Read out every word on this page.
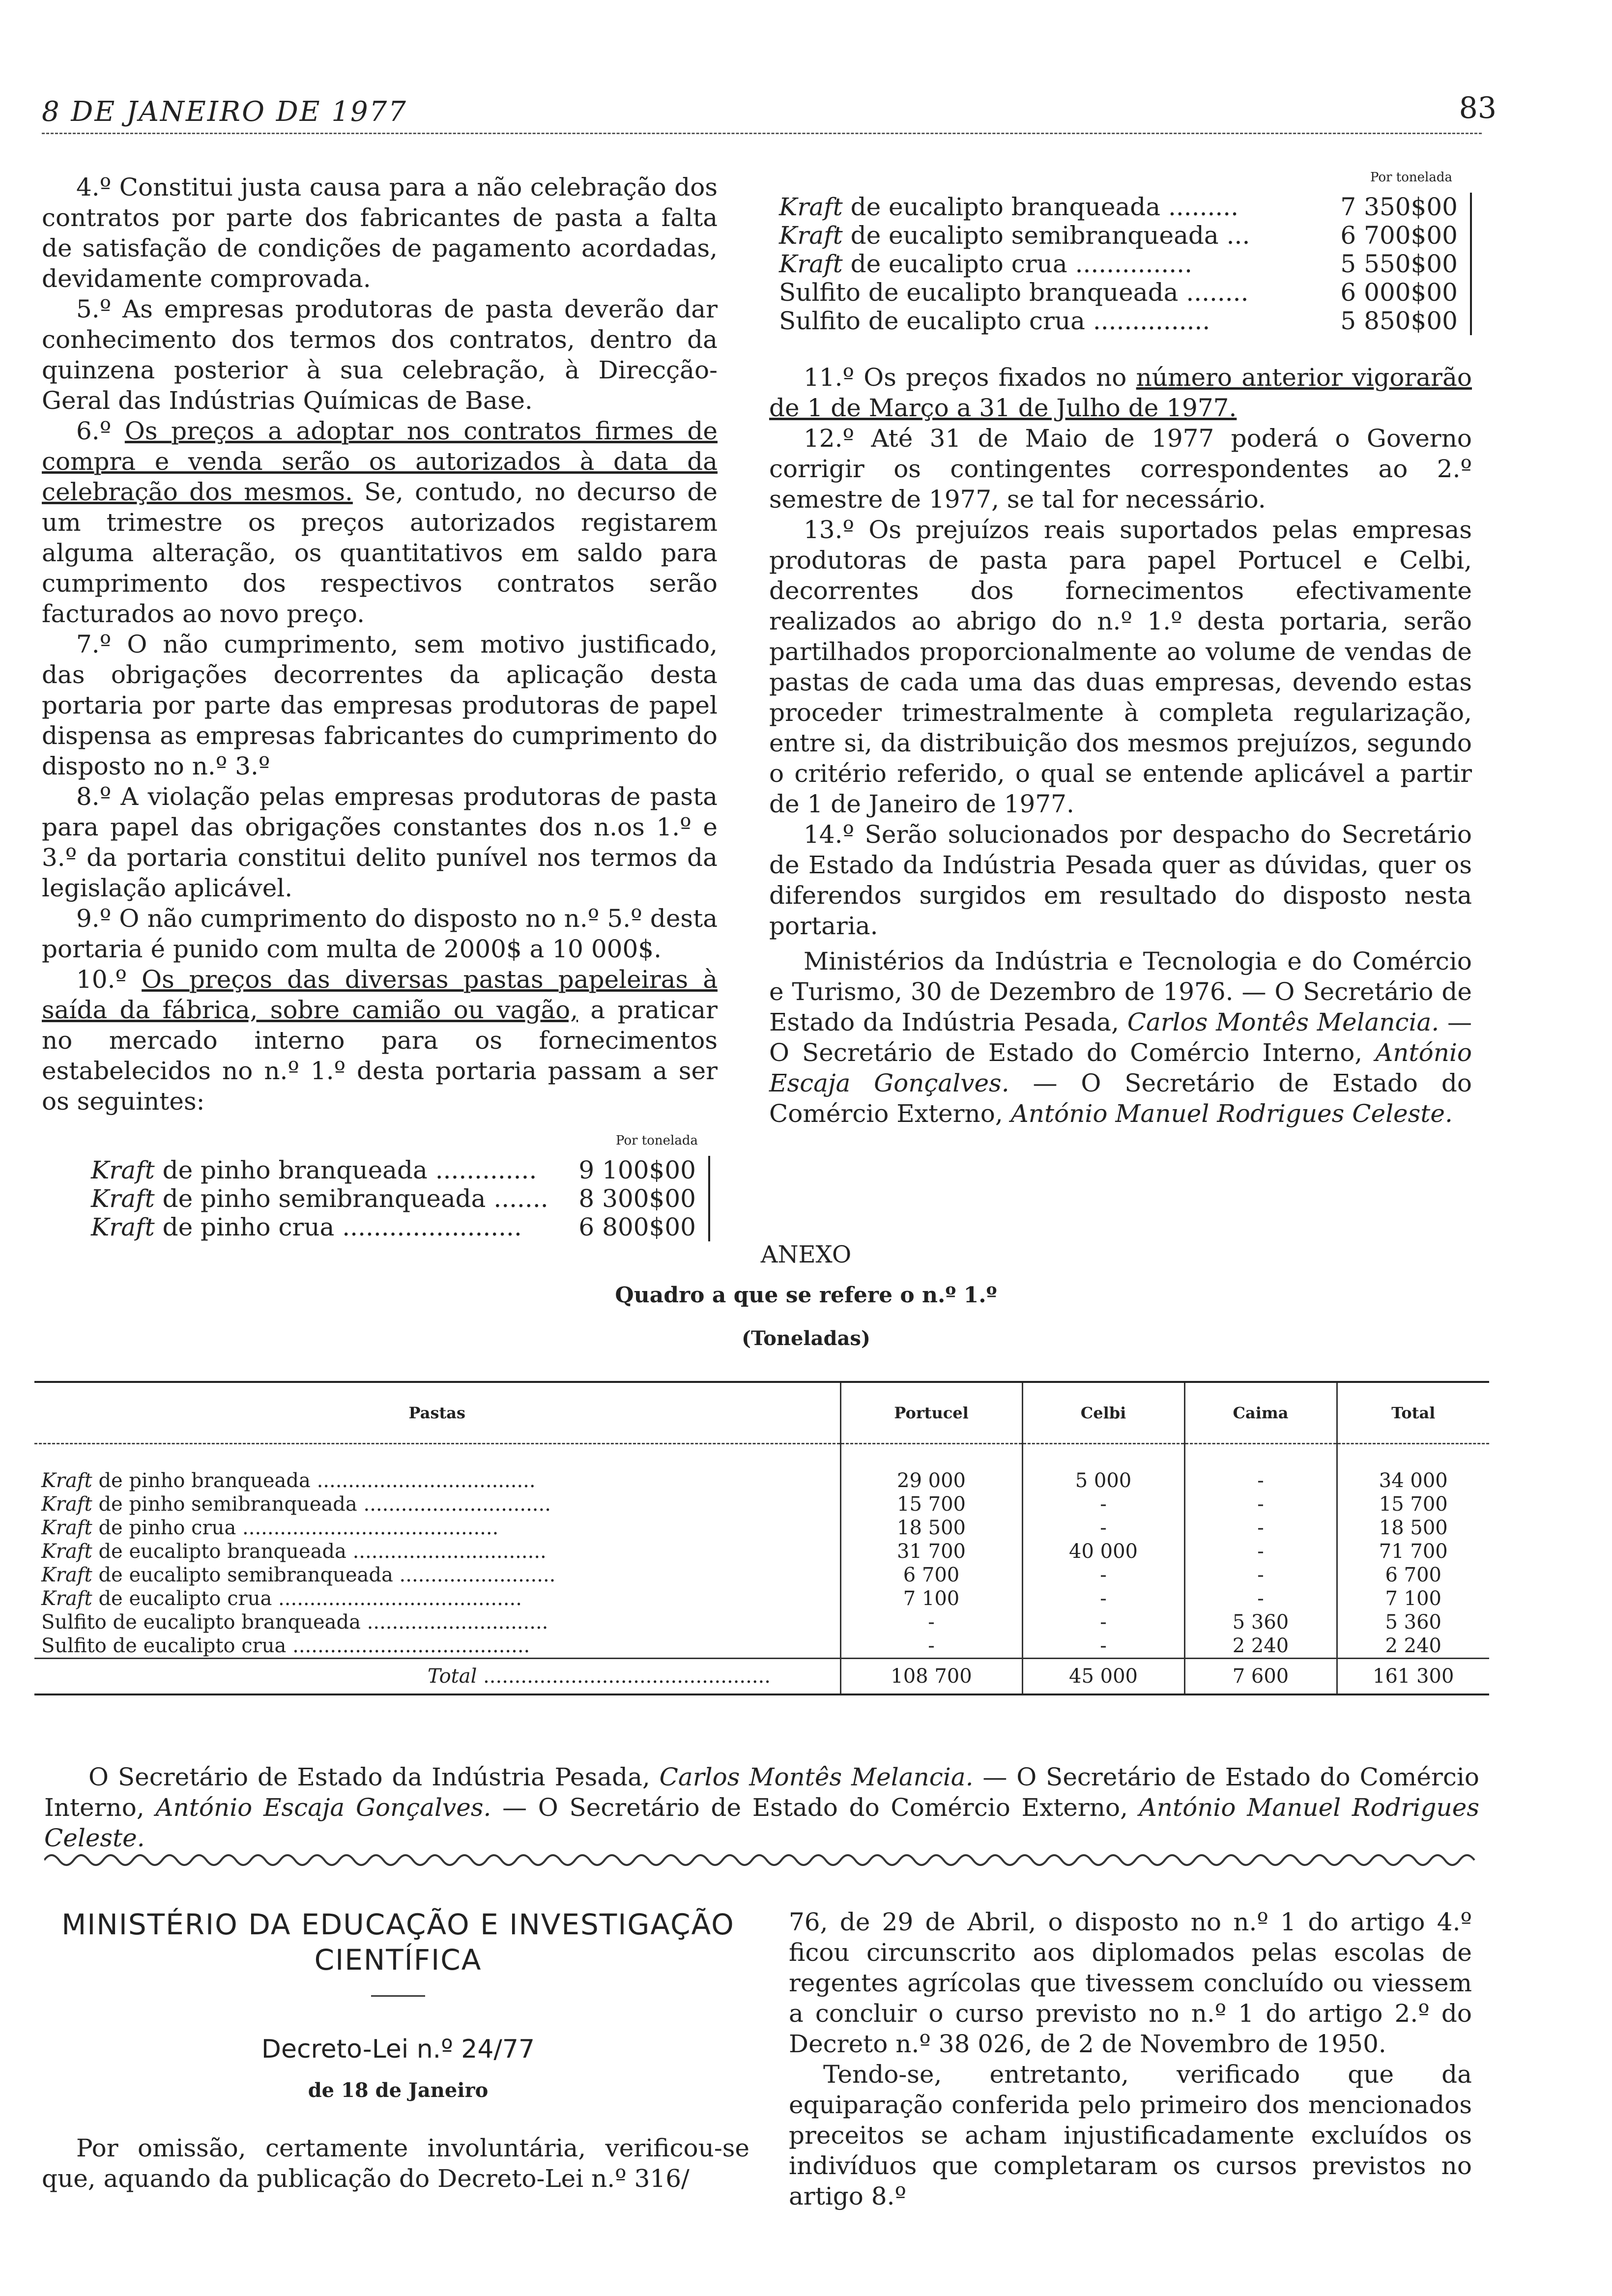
8 DE JANEIRO DE 1977	83

4.º Constitui justa causa para a não celebração dos contratos por parte dos fabricantes de pasta a falta de satisfação de condições de pagamento acordadas, devidamente comprovada.

5.º As empresas produtoras de pasta deverão dar conhecimento dos termos dos contratos, dentro da quinzena posterior à sua celebração, à Direcção-Geral das Indústrias Químicas de Base.

6.º Os preços a adoptar nos contratos firmes de compra e venda serão os autorizados à data da celebração dos mesmos. Se, contudo, no decurso de um trimestre os preços autorizados registarem alguma alteração, os quantitativos em saldo para cumprimento dos respectivos contratos serão facturados ao novo preço.

7.º O não cumprimento, sem motivo justificado, das obrigações decorrentes da aplicação desta portaria por parte das empresas produtoras de papel dispensa as empresas fabricantes do cumprimento do disposto no n.º 3.º

8.º A violação pelas empresas produtoras de pasta para papel das obrigações constantes dos n.os 1.º e 3.º da portaria constitui delito punível nos termos da legislação aplicável.

9.º O não cumprimento do disposto no n.º 5.º desta portaria é punido com multa de 2000$ a 10 000$.

10.º Os preços das diversas pastas papeleiras à saída da fábrica, sobre camião ou vagão, a praticar no mercado interno para os fornecimentos estabelecidos no n.º 1.º desta portaria passam a ser os seguintes:

Por tonelada
Kraft de pinho branqueada .............	9 100$00
Kraft de pinho semibranqueada .......	8 300$00
Kraft de pinho crua .......................	6 800$00
Por tonelada
Kraft de eucalipto branqueada .........	7 350$00
Kraft de eucalipto semibranqueada ...	6 700$00
Kraft de eucalipto crua ...............	5 550$00
Sulfito de eucalipto branqueada ........	6 000$00
Sulfito de eucalipto crua ...............	5 850$00

11.º Os preços fixados no número anterior vigorarão de 1 de Março a 31 de Julho de 1977.

12.º Até 31 de Maio de 1977 poderá o Governo corrigir os contingentes correspondentes ao 2.º semestre de 1977, se tal for necessário.

13.º Os prejuízos reais suportados pelas empresas produtoras de pasta para papel Portucel e Celbi, decorrentes dos fornecimentos efectivamente realizados ao abrigo do n.º 1.º desta portaria, serão partilhados proporcionalmente ao volume de vendas de pastas de cada uma das duas empresas, devendo estas proceder trimestralmente à completa regularização, entre si, da distribuição dos mesmos prejuízos, segundo o critério referido, o qual se entende aplicável a partir de 1 de Janeiro de 1977.

14.º Serão solucionados por despacho do Secretário de Estado da Indústria Pesada quer as dúvidas, quer os diferendos surgidos em resultado do disposto nesta portaria.

Ministérios da Indústria e Tecnologia e do Comércio e Turismo, 30 de Dezembro de 1976. — O Secretário de Estado da Indústria Pesada, Carlos Montês Melancia. — O Secretário de Estado do Comércio Interno, António Escaja Gonçalves. — O Secretário de Estado do Comércio Externo, António Manuel Rodrigues Celeste.

ANEXO
Quadro a que se refere o n.º 1.º
(Toneladas)
Pastas	Portucel	Celbi	Caima	Total

Kraft de pinho branqueada ...................................	29 000	5 000	-	34 000
Kraft de pinho semibranqueada ..............................	15 700	-	-	15 700
Kraft de pinho crua .........................................	18 500	-	-	18 500
Kraft de eucalipto branqueada ...............................	31 700	40 000	-	71 700
Kraft de eucalipto semibranqueada .........................	6 700	-	-	6 700
Kraft de eucalipto crua .......................................	7 100	-	-	7 100
Sulfito de eucalipto branqueada .............................	-	-	5 360	5 360
Sulfito de eucalipto crua ......................................	-	-	2 240	2 240
Total ..............................................	108 700	45 000	7 600	161 300
O Secretário de Estado da Indústria Pesada, Carlos Montês Melancia. — O Secretário de Estado do Comércio Interno, António Escaja Gonçalves. — O Secretário de Estado do Comércio Externo, António Manuel Rodrigues Celeste.
MINISTÉRIO DA EDUCAÇÃO E INVESTIGAÇÃO
CIENTÍFICA
Decreto-Lei n.º 24/77
de 18 de Janeiro

Por omissão, certamente involuntária, verificou-se que, aquando da publicação do Decreto-Lei n.º 316/

76, de 29 de Abril, o disposto no n.º 1 do artigo 4.º ficou circunscrito aos diplomados pelas escolas de regentes agrícolas que tivessem concluído ou viessem a concluir o curso previsto no n.º 1 do artigo 2.º do Decreto n.º 38 026, de 2 de Novembro de 1950.

Tendo-se, entretanto, verificado que da equiparação conferida pelo primeiro dos mencionados preceitos se acham injustificadamente excluídos os indivíduos que completaram os cursos previstos no artigo 8.º
